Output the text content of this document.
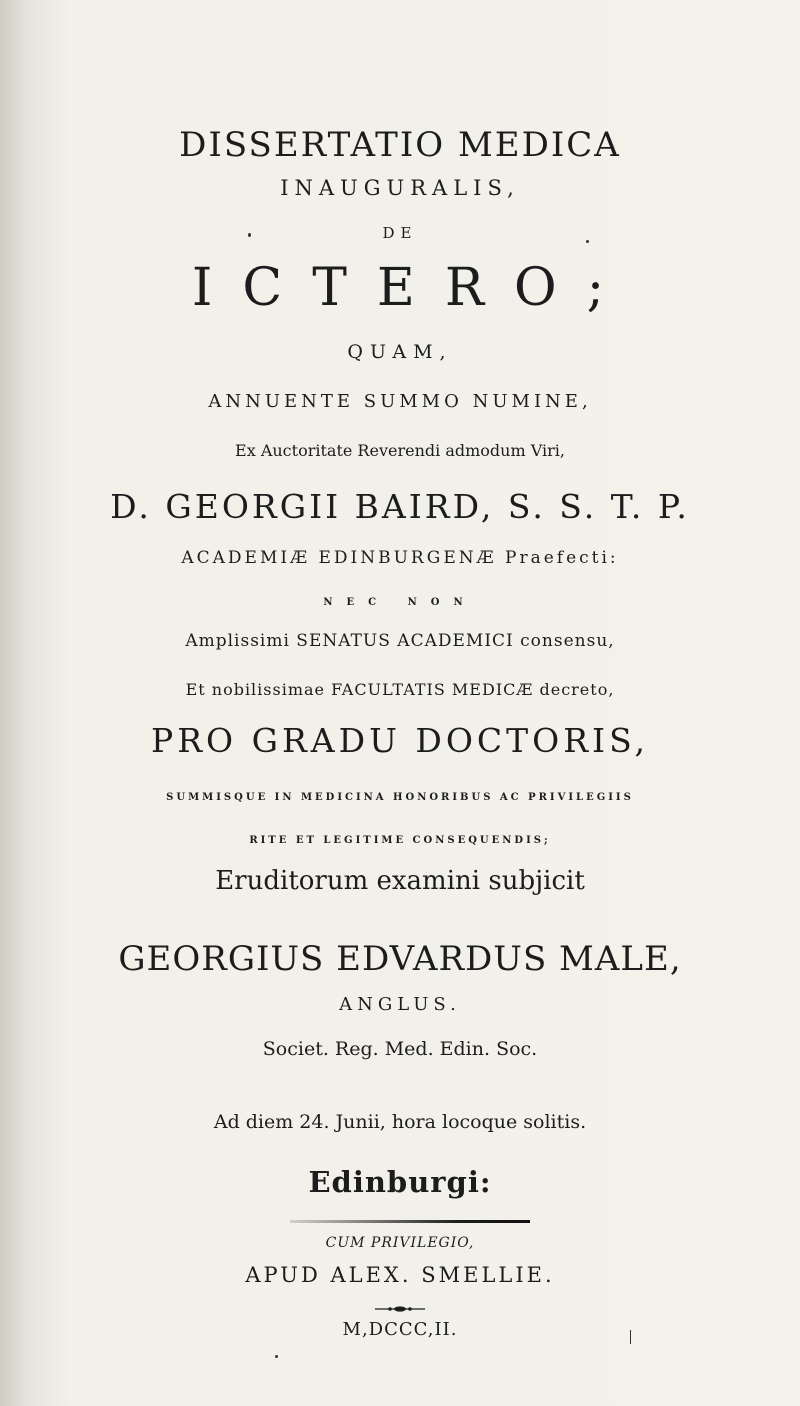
DISSERTATIO MEDICA
INAUGURALIS,
DE
ICTERO;
QUAM,
ANNUENTE SUMMO NUMINE,
Ex Auctoritate Reverendi admodum Viri,
D. GEORGII BAIRD, S. S. T. P.
ACADEMIÆ EDINBURGENÆ Praefecti:
NEC NON
Amplissimi SENATUS ACADEMICI consensu,
Et nobilissimae FACULTATIS MEDICÆ decreto,
PRO GRADU DOCTORIS,
SUMMISQUE IN MEDICINA HONORIBUS AC PRIVILEGIIS
RITE ET LEGITIME CONSEQUENDIS;
Eruditorum examini subjicit
GEORGIUS EDVARDUS MALE,
ANGLUS.
Societ. Reg. Med. Edin. Soc.
Ad diem 24. Junii, hora locoque solitis.
Edinburgi:
CUM PRIVILEGIO,
APUD ALEX. SMELLIE.
M,DCCC,II.
